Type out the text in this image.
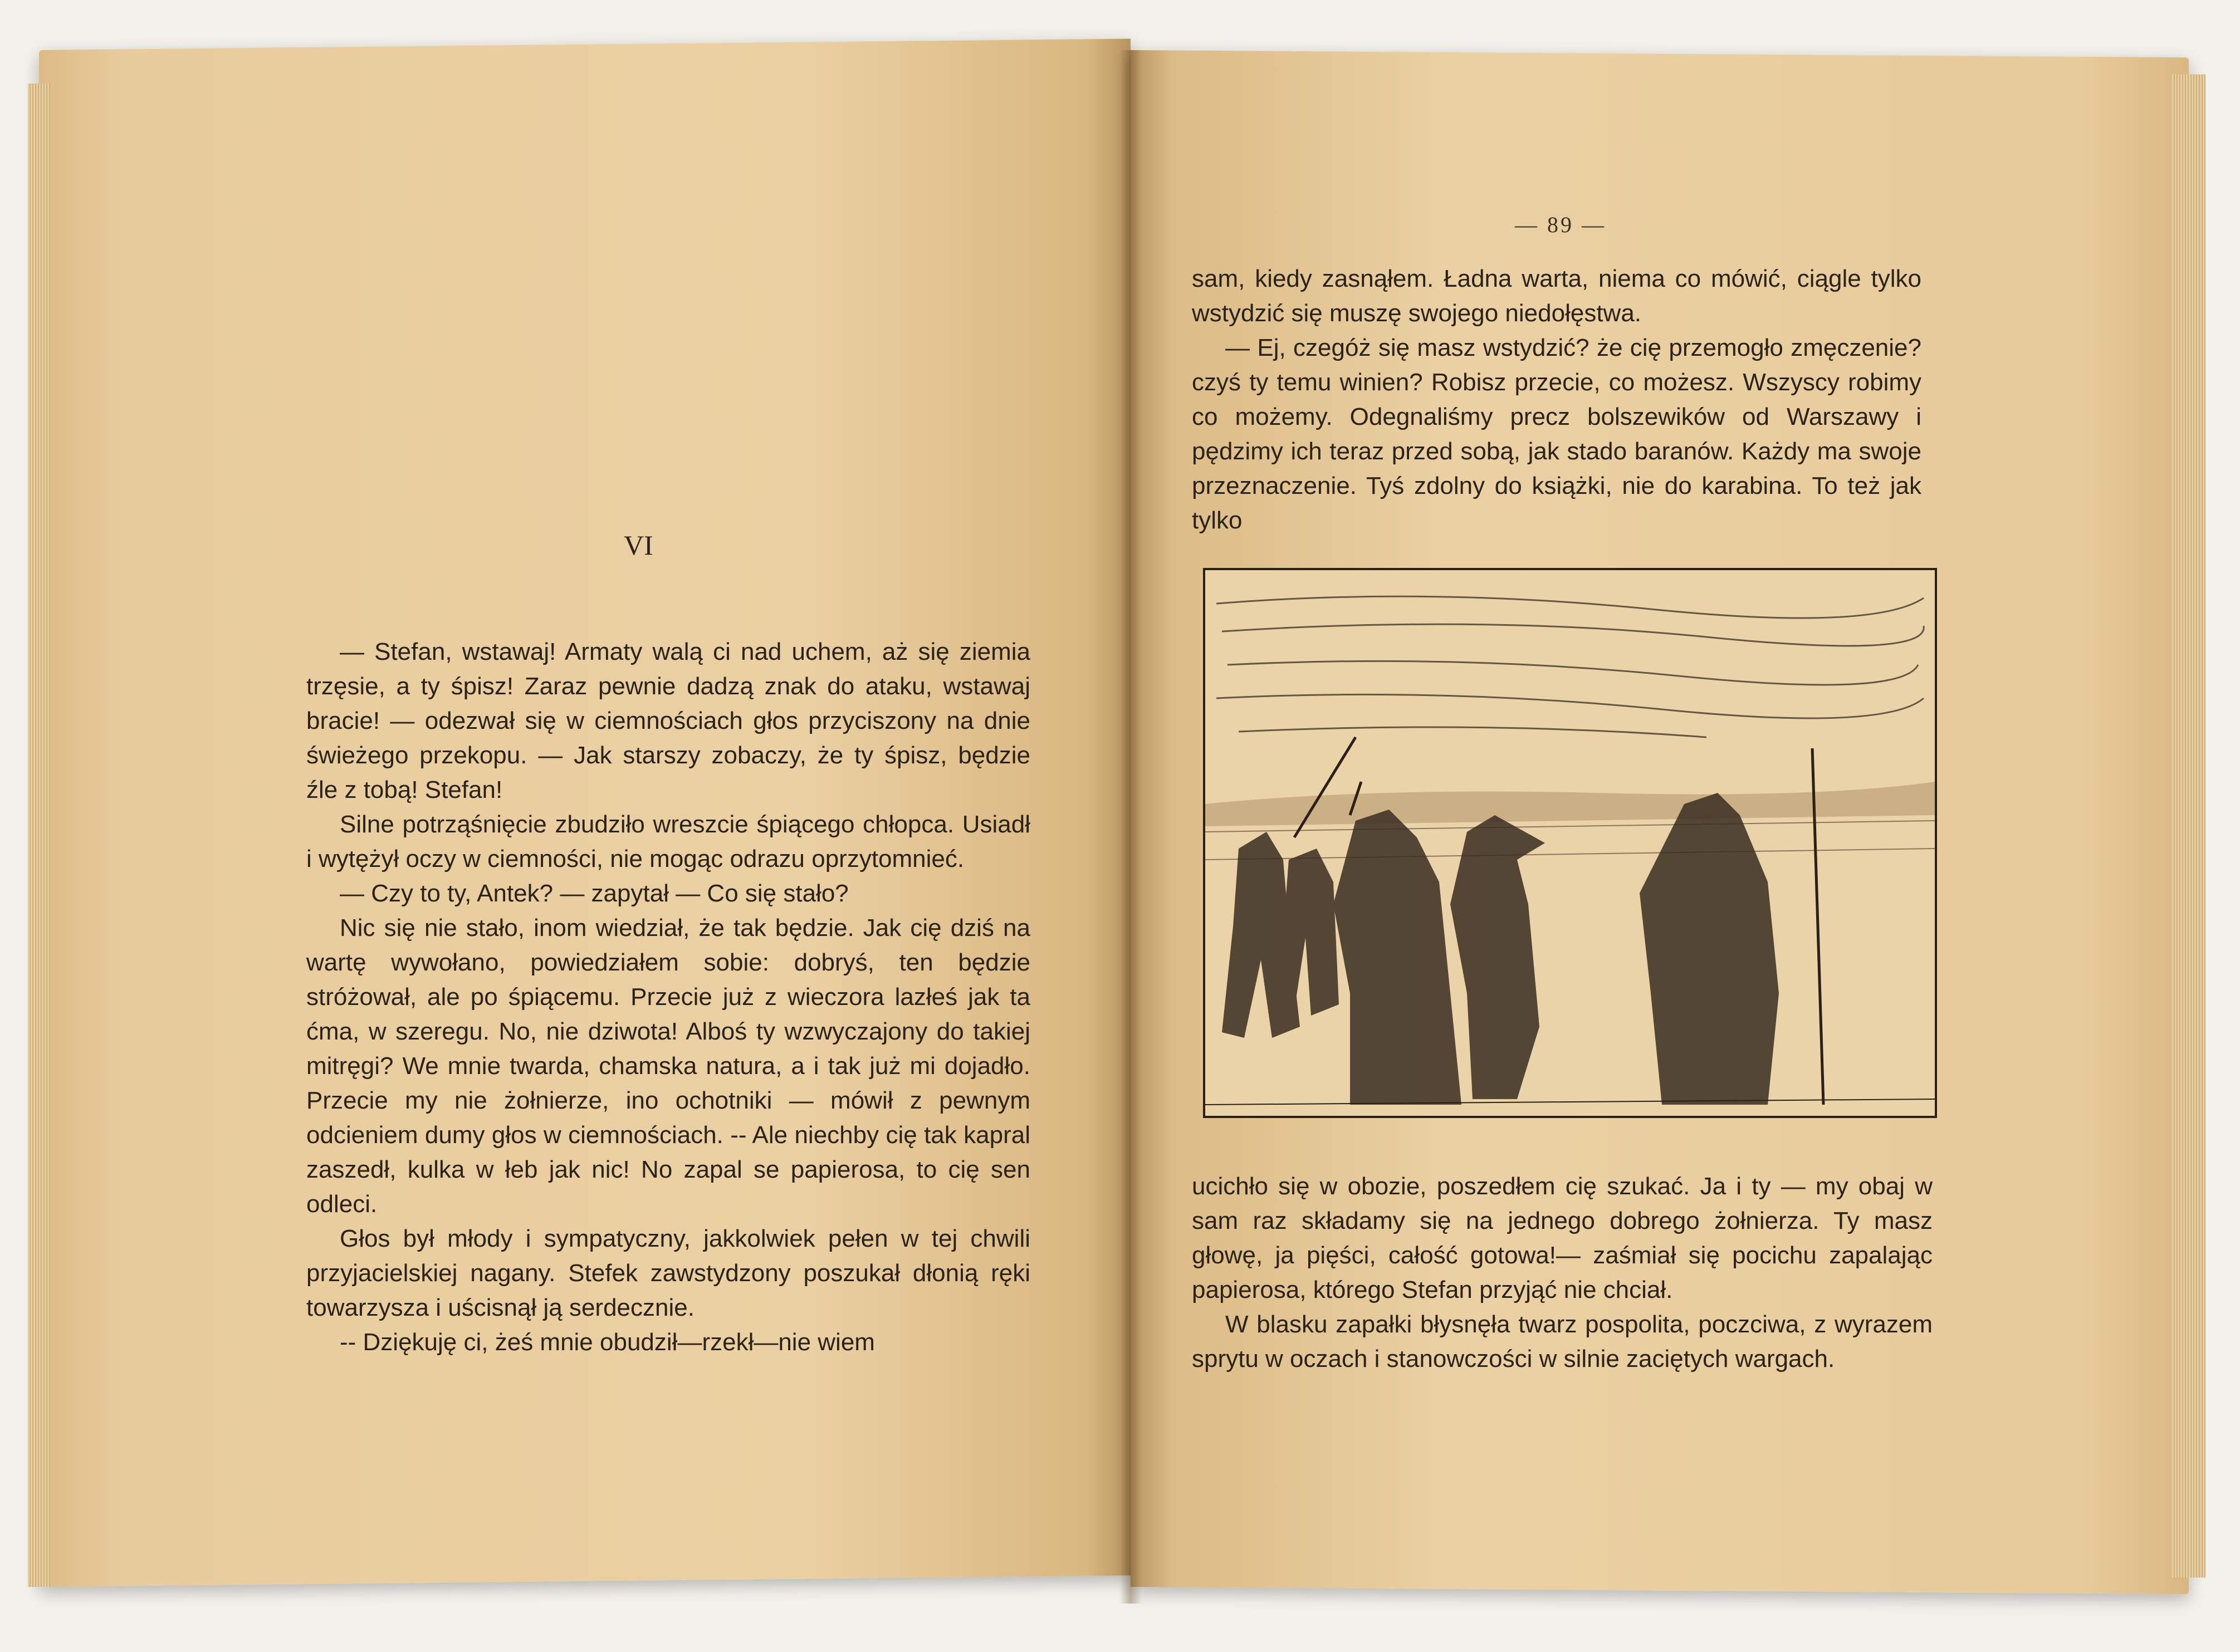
VI

— Stefan, wstawaj! Armaty walą ci nad uchem, aż się ziemia trzęsie, a ty śpisz! Zaraz pewnie dadzą znak do ataku, wstawaj bracie! — odezwał się w ciemnościach głos przyciszony na dnie świeżego przekopu. — Jak starszy zobaczy, że ty śpisz, będzie źle z tobą! Stefan!

Silne potrząśnięcie zbudziło wreszcie śpiącego chłopca. Usiadł i wytężył oczy w ciemności, nie mogąc odrazu oprzytomnieć.

— Czy to ty, Antek? — zapytał — Co się stało?

Nic się nie stało, inom wiedział, że tak będzie. Jak cię dziś na wartę wywołano, powiedziałem sobie: dobryś, ten będzie stróżował, ale po śpiącemu. Przecie już z wieczora lazłeś jak ta ćma, w szeregu. No, nie dziwota! Alboś ty wzwyczajony do takiej mitręgi? We mnie twarda, chamska natura, a i tak już mi dojadło. Przecie my nie żołnierze, ino ochotniki — mówił z pewnym odcieniem dumy głos w ciemnościach. -- Ale niechby cię tak kapral zaszedł, kulka w łeb jak nic! No zapal se papierosa, to cię sen odleci.

Głos był młody i sympatyczny, jakkolwiek pełen w tej chwili przyjacielskiej nagany. Stefek zawstydzony poszukał dłonią ręki towarzysza i uścisnął ją serdecznie.

-- Dziękuję ci, żeś mnie obudził—rzekł—nie wiem

— 89 —

sam, kiedy zasnąłem. Ładna warta, niema co mówić, ciągle tylko wstydzić się muszę swojego niedołęstwa.

— Ej, czegóż się masz wstydzić? że cię przemogło zmęczenie? czyś ty temu winien? Robisz przecie, co możesz. Wszyscy robimy co możemy. Odegnaliśmy precz bolszewików od Warszawy i pędzimy ich teraz przed sobą, jak stado baranów. Każdy ma swoje przeznaczenie. Tyś zdolny do książki, nie do karabina. To też jak tylko

ucichło się w obozie, poszedłem cię szukać. Ja i ty — my obaj w sam raz składamy się na jednego dobrego żołnierza. Ty masz głowę, ja pięści, całość gotowa!— zaśmiał się pocichu zapalając papierosa, którego Stefan przyjąć nie chciał.

W blasku zapałki błysnęła twarz pospolita, poczciwa, z wyrazem sprytu w oczach i stanowczości w silnie zaciętych wargach.
